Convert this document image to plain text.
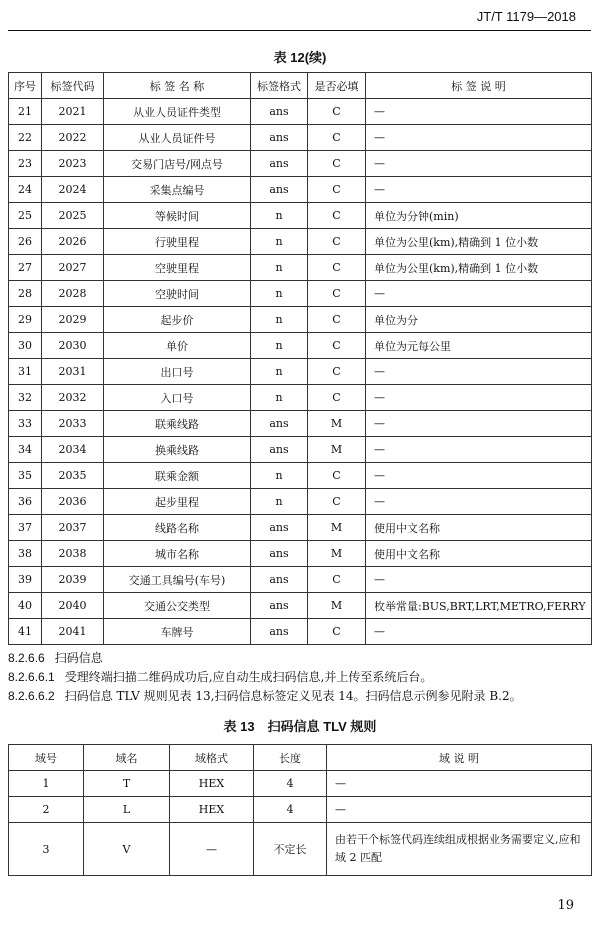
JT/T 1179—2018
表 12(续)
序号	标签代码	标 签 名 称	标签格式	是否必填	标 签 说 明
21	2021	从业人员证件类型	ans	C	—
22	2022	从业人员证件号	ans	C	—
23	2023	交易门店号/网点号	ans	C	—
24	2024	采集点编号	ans	C	—
25	2025	等候时间	n	C	单位为分钟(min)
26	2026	行驶里程	n	C	单位为公里(km),精确到 1 位小数
27	2027	空驶里程	n	C	单位为公里(km),精确到 1 位小数
28	2028	空驶时间	n	C	—
29	2029	起步价	n	C	单位为分
30	2030	单价	n	C	单位为元每公里
31	2031	出口号	n	C	—
32	2032	入口号	n	C	—
33	2033	联乘线路	ans	M	—
34	2034	换乘线路	ans	M	—
35	2035	联乘金额	n	C	—
36	2036	起步里程	n	C	—
37	2037	线路名称	ans	M	使用中文名称
38	2038	城市名称	ans	M	使用中文名称
39	2039	交通工具编号(车号)	ans	C	—
40	2040	交通公交类型	ans	M	枚举常量:BUS,BRT,LRT,METRO,FERRY
41	2041	车牌号	ans	C	—
8.2.6.6 扫码信息
8.2.6.6.1 受理终端扫描二维码成功后,应自动生成扫码信息,并上传至系统后台。
8.2.6.6.2 扫码信息 TLV 规则见表 13,扫码信息标签定义见表 14。扫码信息示例参见附录 B.2。
表 13　扫码信息 TLV 规则
域号	域名	域格式	长度	域 说 明
1	T	HEX	4	—
2	L	HEX	4	—
3	V	—	不定长	由若干个标签代码连续组成根据业务需要定义,应和域 2 匹配
19
